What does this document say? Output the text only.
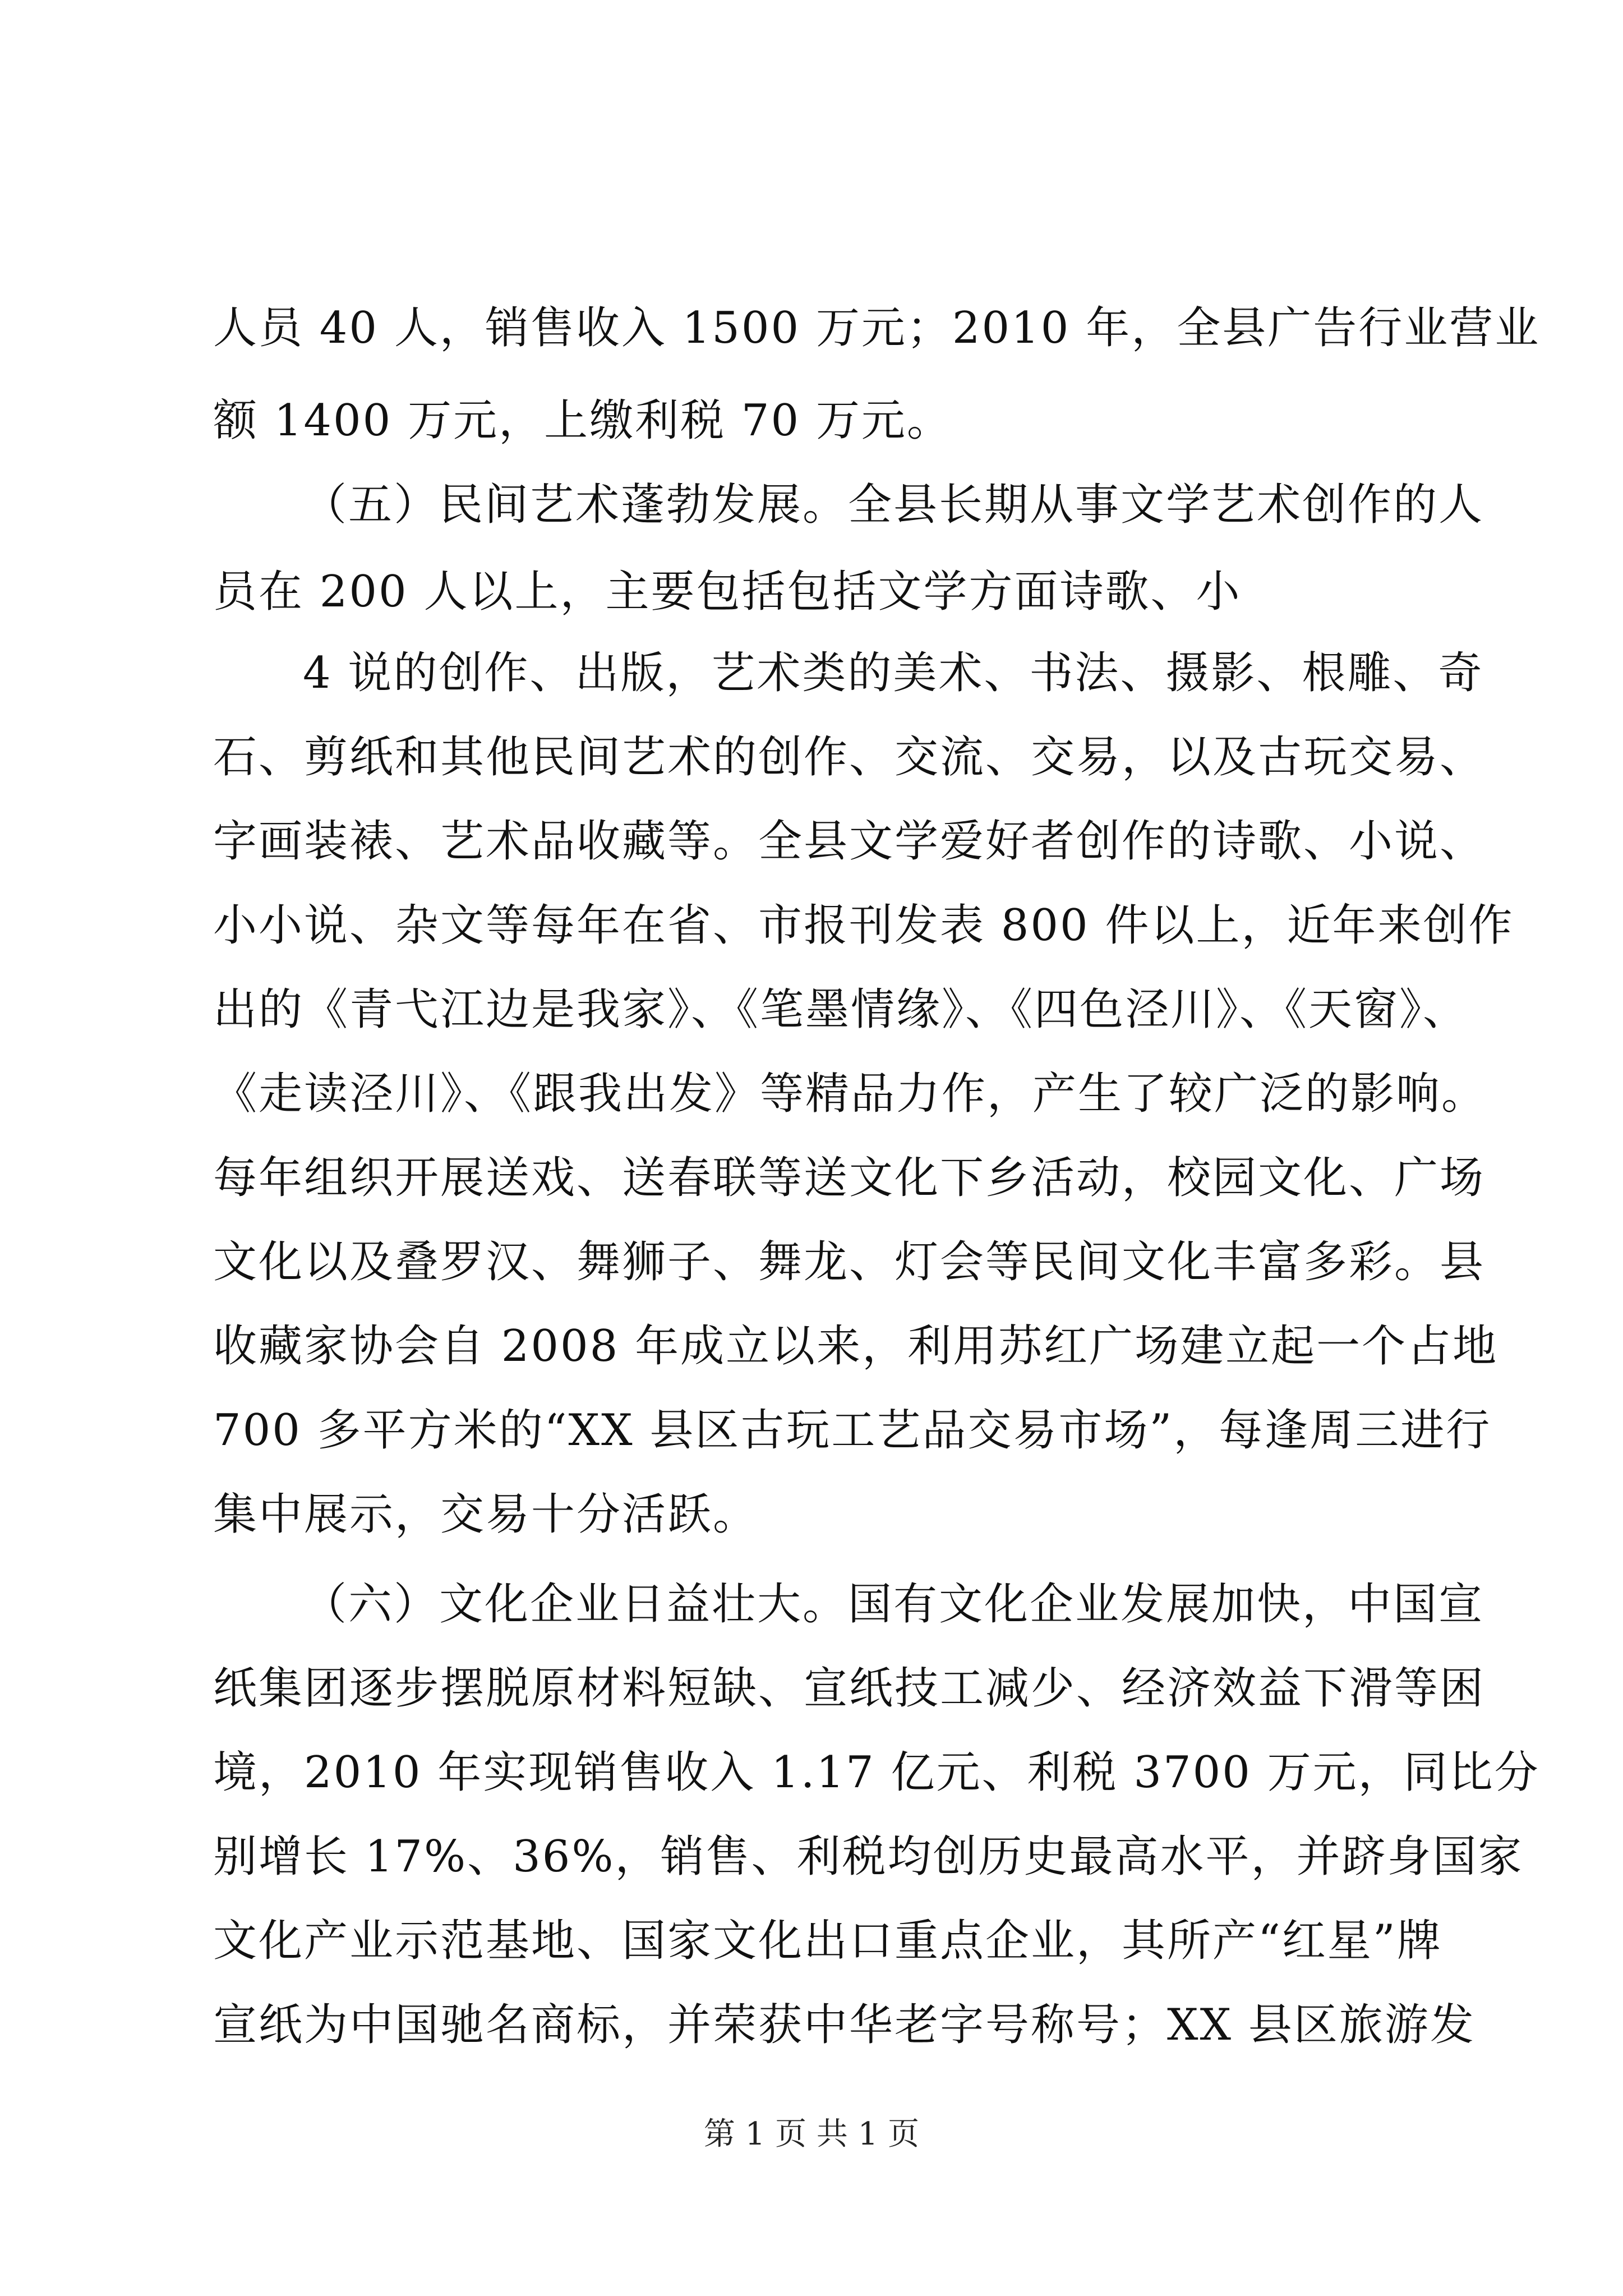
人员 40 人，销售收入 1500 万元；2010 年，全县广告行业营业
额 1400 万元，上缴利税 70 万元。
（五）民间艺术蓬勃发展。全县长期从事文学艺术创作的人
员在 200 人以上，主要包括包括文学方面诗歌、小
4 说的创作、出版，艺术类的美术、书法、摄影、根雕、奇
石、剪纸和其他民间艺术的创作、交流、交易，以及古玩交易、
字画装裱、艺术品收藏等。全县文学爱好者创作的诗歌、小说、
小小说、杂文等每年在省、市报刊发表 800 件以上，近年来创作
出的《青弋江边是我家》、《笔墨情缘》、《四色泾川》、《天窗》、
《走读泾川》、《跟我出发》等精品力作，产生了较广泛的影响。
每年组织开展送戏、送春联等送文化下乡活动，校园文化、广场
文化以及叠罗汉、舞狮子、舞龙、灯会等民间文化丰富多彩。县
收藏家协会自 2008 年成立以来，利用苏红广场建立起一个占地
700 多平方米的“XX 县区古玩工艺品交易市场”，每逢周三进行
集中展示，交易十分活跃。
（六）文化企业日益壮大。国有文化企业发展加快，中国宣
纸集团逐步摆脱原材料短缺、宣纸技工减少、经济效益下滑等困
境，2010 年实现销售收入 1.17 亿元、利税 3700 万元，同比分
别增长 17%、36%，销售、利税均创历史最高水平，并跻身国家
文化产业示范基地、国家文化出口重点企业，其所产“红星”牌
宣纸为中国驰名商标，并荣获中华老字号称号；XX 县区旅游发
第 1 页 共 1 页
